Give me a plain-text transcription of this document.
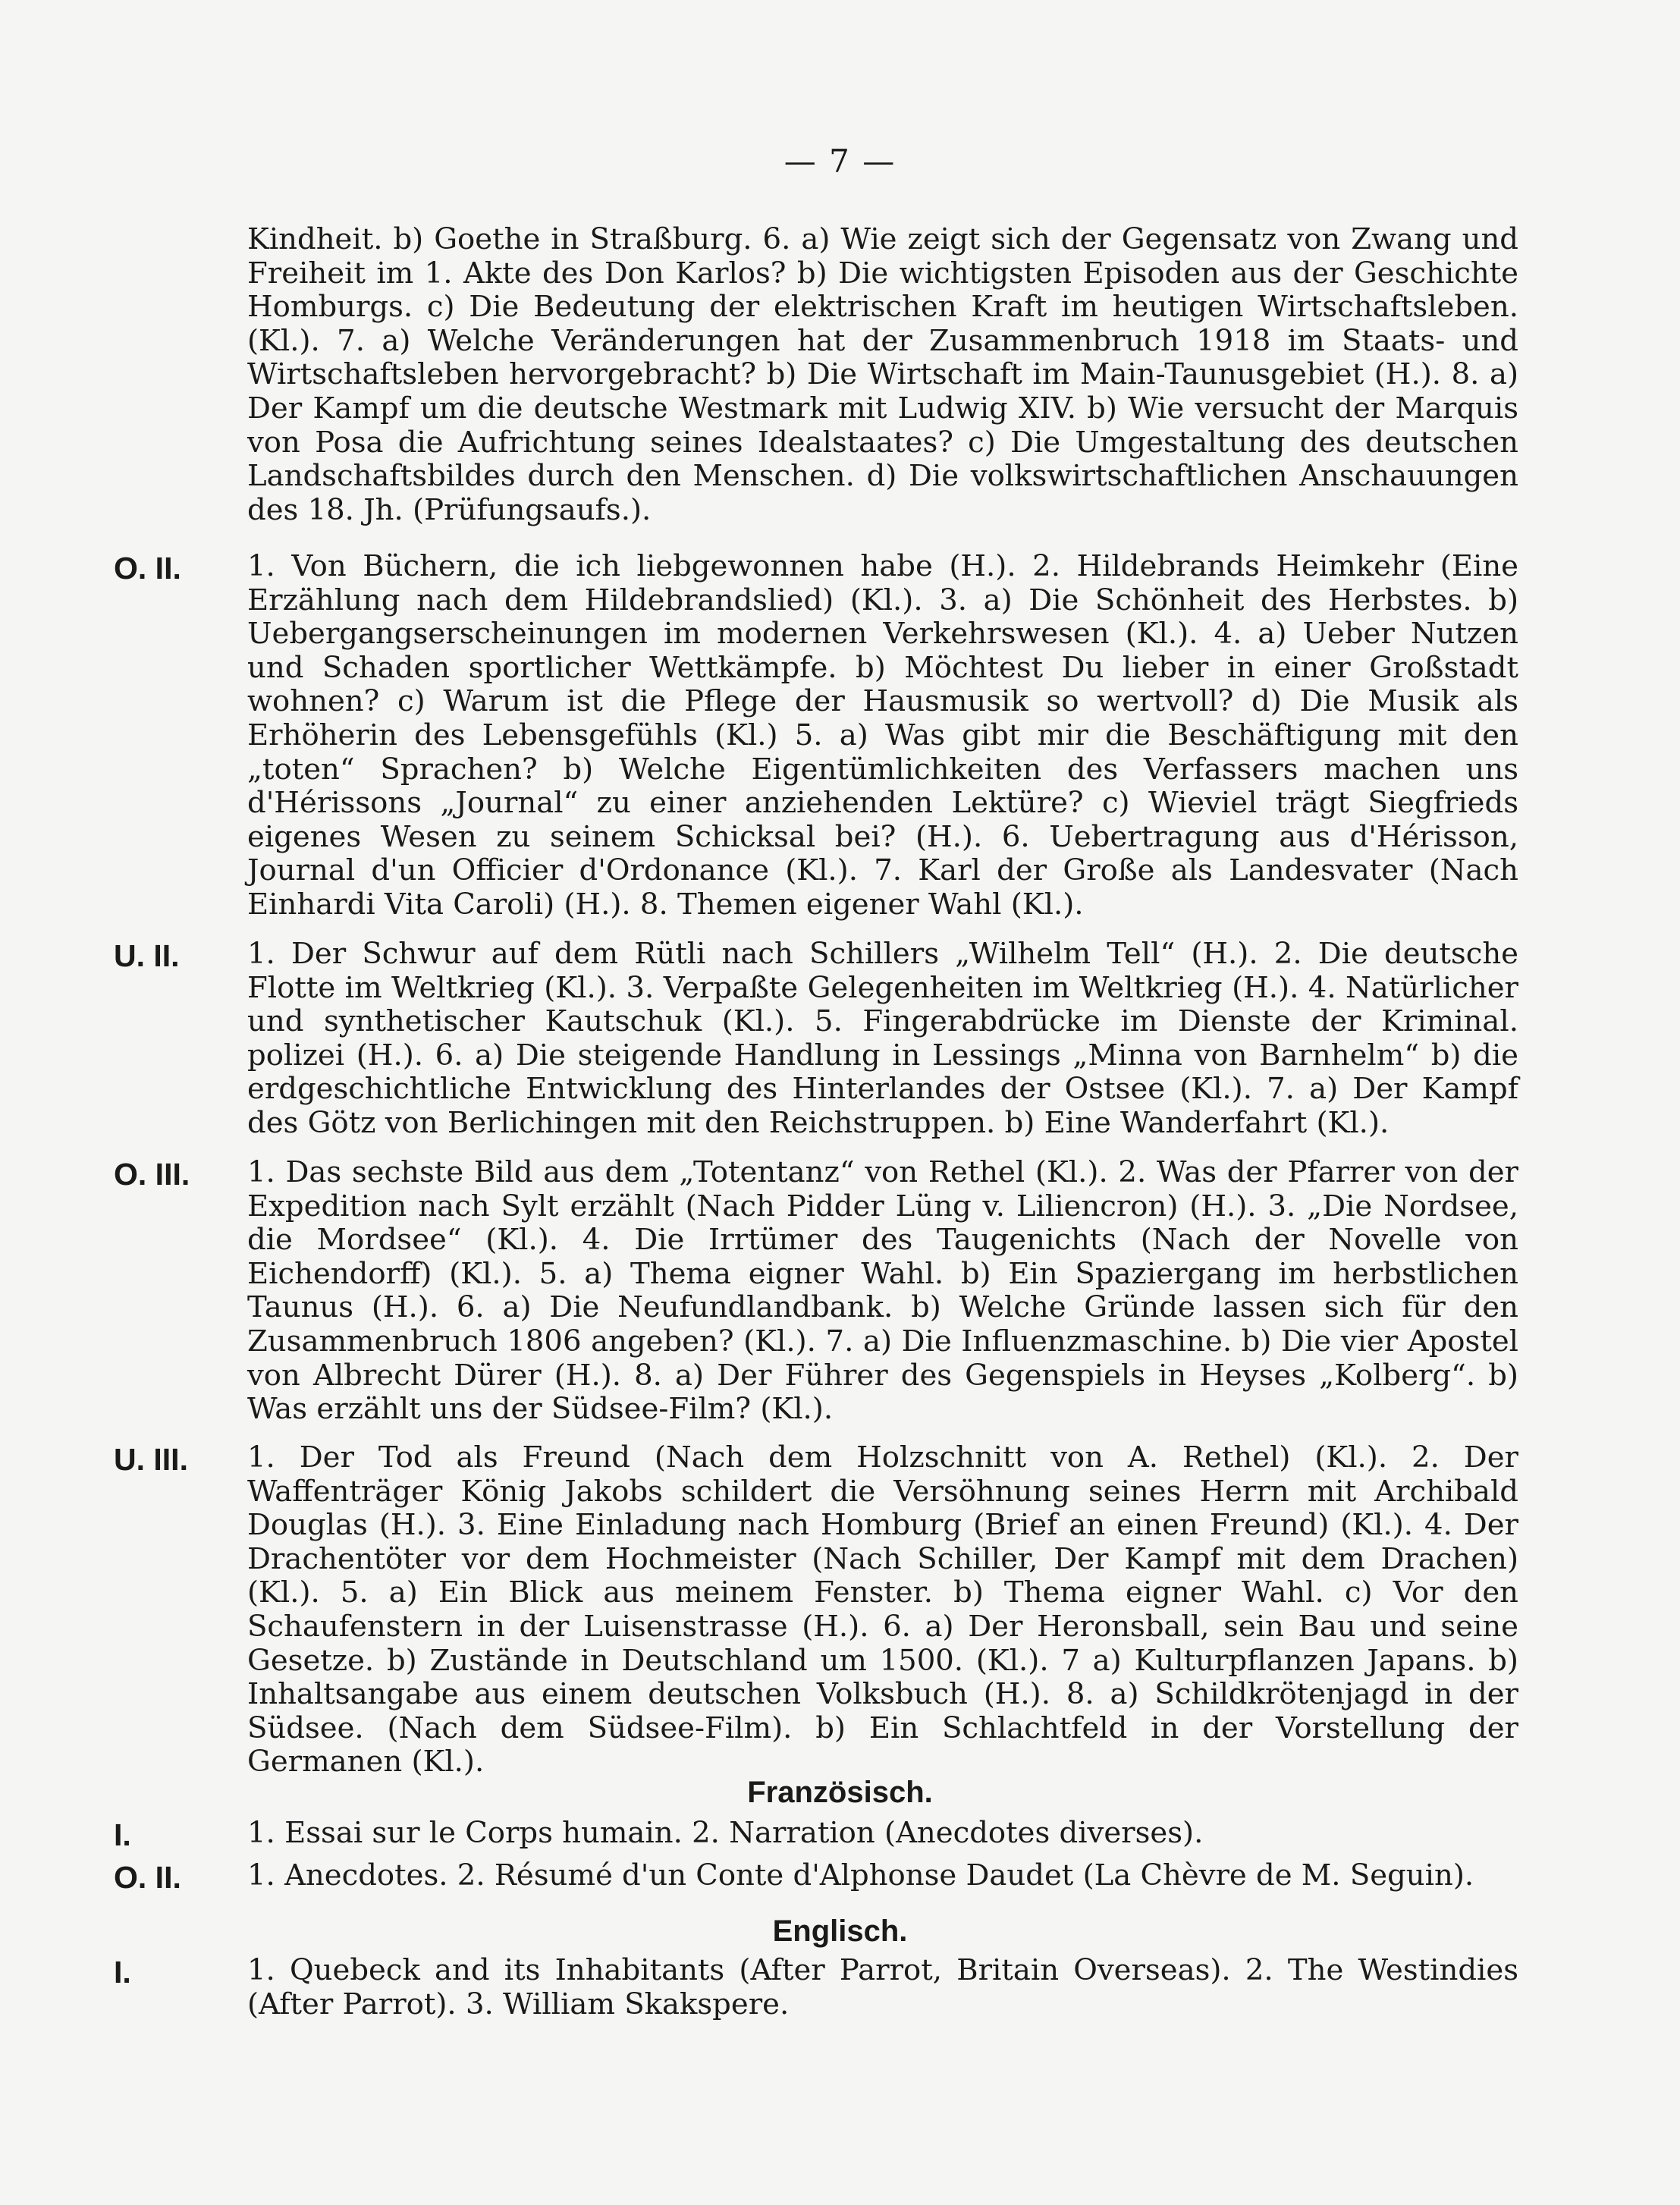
— 7 —
Kindheit. b) Goethe in Straßburg. 6. a) Wie zeigt sich der Gegensatz von Zwang und Freiheit im 1. Akte des Don Karlos? b) Die wichtigsten Episoden aus der Geschichte Homburgs. c) Die Bedeutung der elektrischen Kraft im heutigen Wirtschaftsleben. (Kl.). 7. a) Welche Veränderungen hat der Zusammenbruch 1918 im Staats- und Wirtschaftsleben hervorgebracht? b) Die Wirtschaft im Main-Taunusgebiet (H.). 8. a) Der Kampf um die deutsche Westmark mit Ludwig XIV. b) Wie versucht der Marquis von Posa die Aufrichtung seines Idealstaates? c) Die Umgestaltung des deutschen Landschaftsbildes durch den Menschen. d) Die volkswirtschaftlichen Anschauungen des 18. Jh. (Prüfungsaufs.).
O. II.	1. Von Büchern, die ich liebgewonnen habe (H.). 2. Hildebrands Heimkehr (Eine Erzählung nach dem Hildebrandslied) (Kl.). 3. a) Die Schönheit des Herbstes. b) Uebergangserscheinungen im modernen Verkehrswesen (Kl.). 4. a) Ueber Nutzen und Schaden sportlicher Wettkämpfe. b) Möchtest Du lieber in einer Großstadt wohnen? c) Warum ist die Pflege der Hausmusik so wertvoll? d) Die Musik als Erhöherin des Lebensgefühls (Kl.) 5. a) Was gibt mir die Beschäftigung mit den „toten“ Sprachen? b) Welche Eigentümlichkeiten des Verfassers machen uns d'Hérissons „Journal“ zu einer anziehenden Lektüre? c) Wieviel trägt Siegfrieds eigenes Wesen zu seinem Schicksal bei? (H.). 6. Uebertragung aus d'Hérisson, Journal d'un Officier d'Ordonance (Kl.). 7. Karl der Große als Landesvater (Nach Einhardi Vita Caroli) (H.). 8. Themen eigener Wahl (Kl.).
U. II.	1. Der Schwur auf dem Rütli nach Schillers „Wilhelm Tell“ (H.). 2. Die deutsche Flotte im Weltkrieg (Kl.). 3. Verpaßte Gelegenheiten im Weltkrieg (H.). 4. Natürlicher und synthetischer Kautschuk (Kl.). 5. Fingerabdrücke im Dienste der Kriminal. polizei (H.). 6. a) Die steigende Handlung in Lessings „Minna von Barnhelm“ b) die erdgeschichtliche Entwicklung des Hinterlandes der Ostsee (Kl.). 7. a) Der Kampf des Götz von Berlichingen mit den Reichstruppen. b) Eine Wanderfahrt (Kl.).
O. III.	1. Das sechste Bild aus dem „Totentanz“ von Rethel (Kl.). 2. Was der Pfarrer von der Expedition nach Sylt erzählt (Nach Pidder Lüng v. Liliencron) (H.). 3. „Die Nordsee, die Mordsee“ (Kl.). 4. Die Irrtümer des Taugenichts (Nach der Novelle von Eichendorff) (Kl.). 5. a) Thema eigner Wahl. b) Ein Spaziergang im herbstlichen Taunus (H.). 6. a) Die Neufundlandbank. b) Welche Gründe lassen sich für den Zusammenbruch 1806 angeben? (Kl.). 7. a) Die Influenzmaschine. b) Die vier Apostel von Albrecht Dürer (H.). 8. a) Der Führer des Gegenspiels in Heyses „Kolberg“. b) Was erzählt uns der Südsee-Film? (Kl.).
U. III.	1. Der Tod als Freund (Nach dem Holzschnitt von A. Rethel) (Kl.). 2. Der Waffenträger König Jakobs schildert die Versöhnung seines Herrn mit Archibald Douglas (H.). 3. Eine Einladung nach Homburg (Brief an einen Freund) (Kl.). 4. Der Drachentöter vor dem Hochmeister (Nach Schiller, Der Kampf mit dem Drachen) (Kl.). 5. a) Ein Blick aus meinem Fenster. b) Thema eigner Wahl. c) Vor den Schaufenstern in der Luisenstrasse (H.). 6. a) Der Heronsball, sein Bau und seine Gesetze. b) Zustände in Deutschland um 1500. (Kl.). 7 a) Kulturpflanzen Japans. b) Inhaltsangabe aus einem deutschen Volksbuch (H.). 8. a) Schildkrötenjagd in der Südsee. (Nach dem Südsee-Film). b) Ein Schlachtfeld in der Vorstellung der Germanen (Kl.).
Französisch.
I.	1. Essai sur le Corps humain. 2. Narration (Anecdotes diverses).
O. II.	1. Anecdotes. 2. Résumé d'un Conte d'Alphonse Daudet (La Chèvre de M. Seguin).
Englisch.
I.	1. Quebeck and its Inhabitants (After Parrot, Britain Overseas). 2. The Westindies (After Parrot). 3. William Skakspere.
